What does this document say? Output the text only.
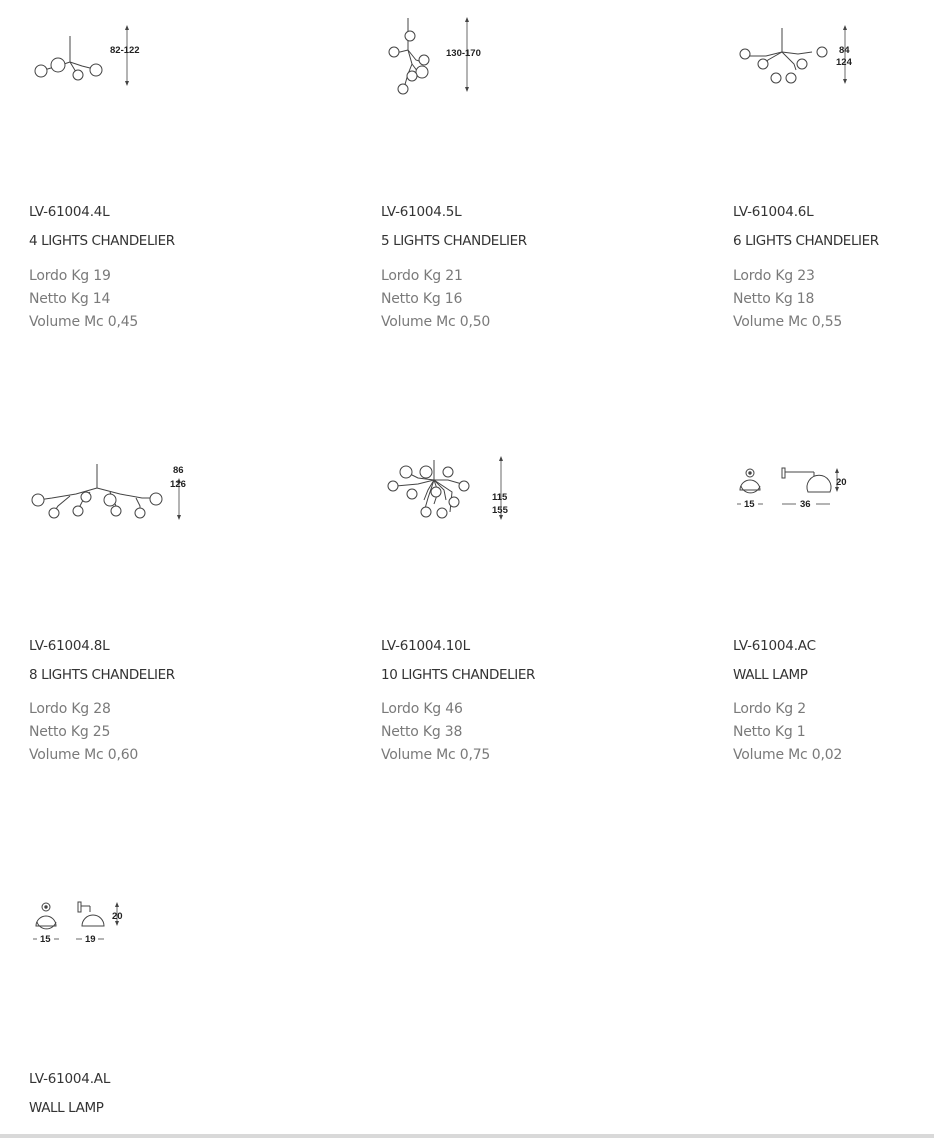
82-122
LV-61004.4L
4 LIGHTS CHANDELIER
Lordo Kg 19
Netto Kg 14
Volume Mc 0,45
130-170
LV-61004.5L
5 LIGHTS CHANDELIER
Lordo Kg 21
Netto Kg 16
Volume Mc 0,50
84
124
LV-61004.6L
6 LIGHTS CHANDELIER
Lordo Kg 23
Netto Kg 18
Volume Mc 0,55
86
126
LV-61004.8L
8 LIGHTS CHANDELIER
Lordo Kg 28
Netto Kg 25
Volume Mc 0,60
115
155
LV-61004.10L
10 LIGHTS CHANDELIER
Lordo Kg 46
Netto Kg 38
Volume Mc 0,75
20
15	36
LV-61004.AC
WALL LAMP
Lordo Kg 2
Netto Kg 1
Volume Mc 0,02
20
15	19
LV-61004.AL
WALL LAMP
